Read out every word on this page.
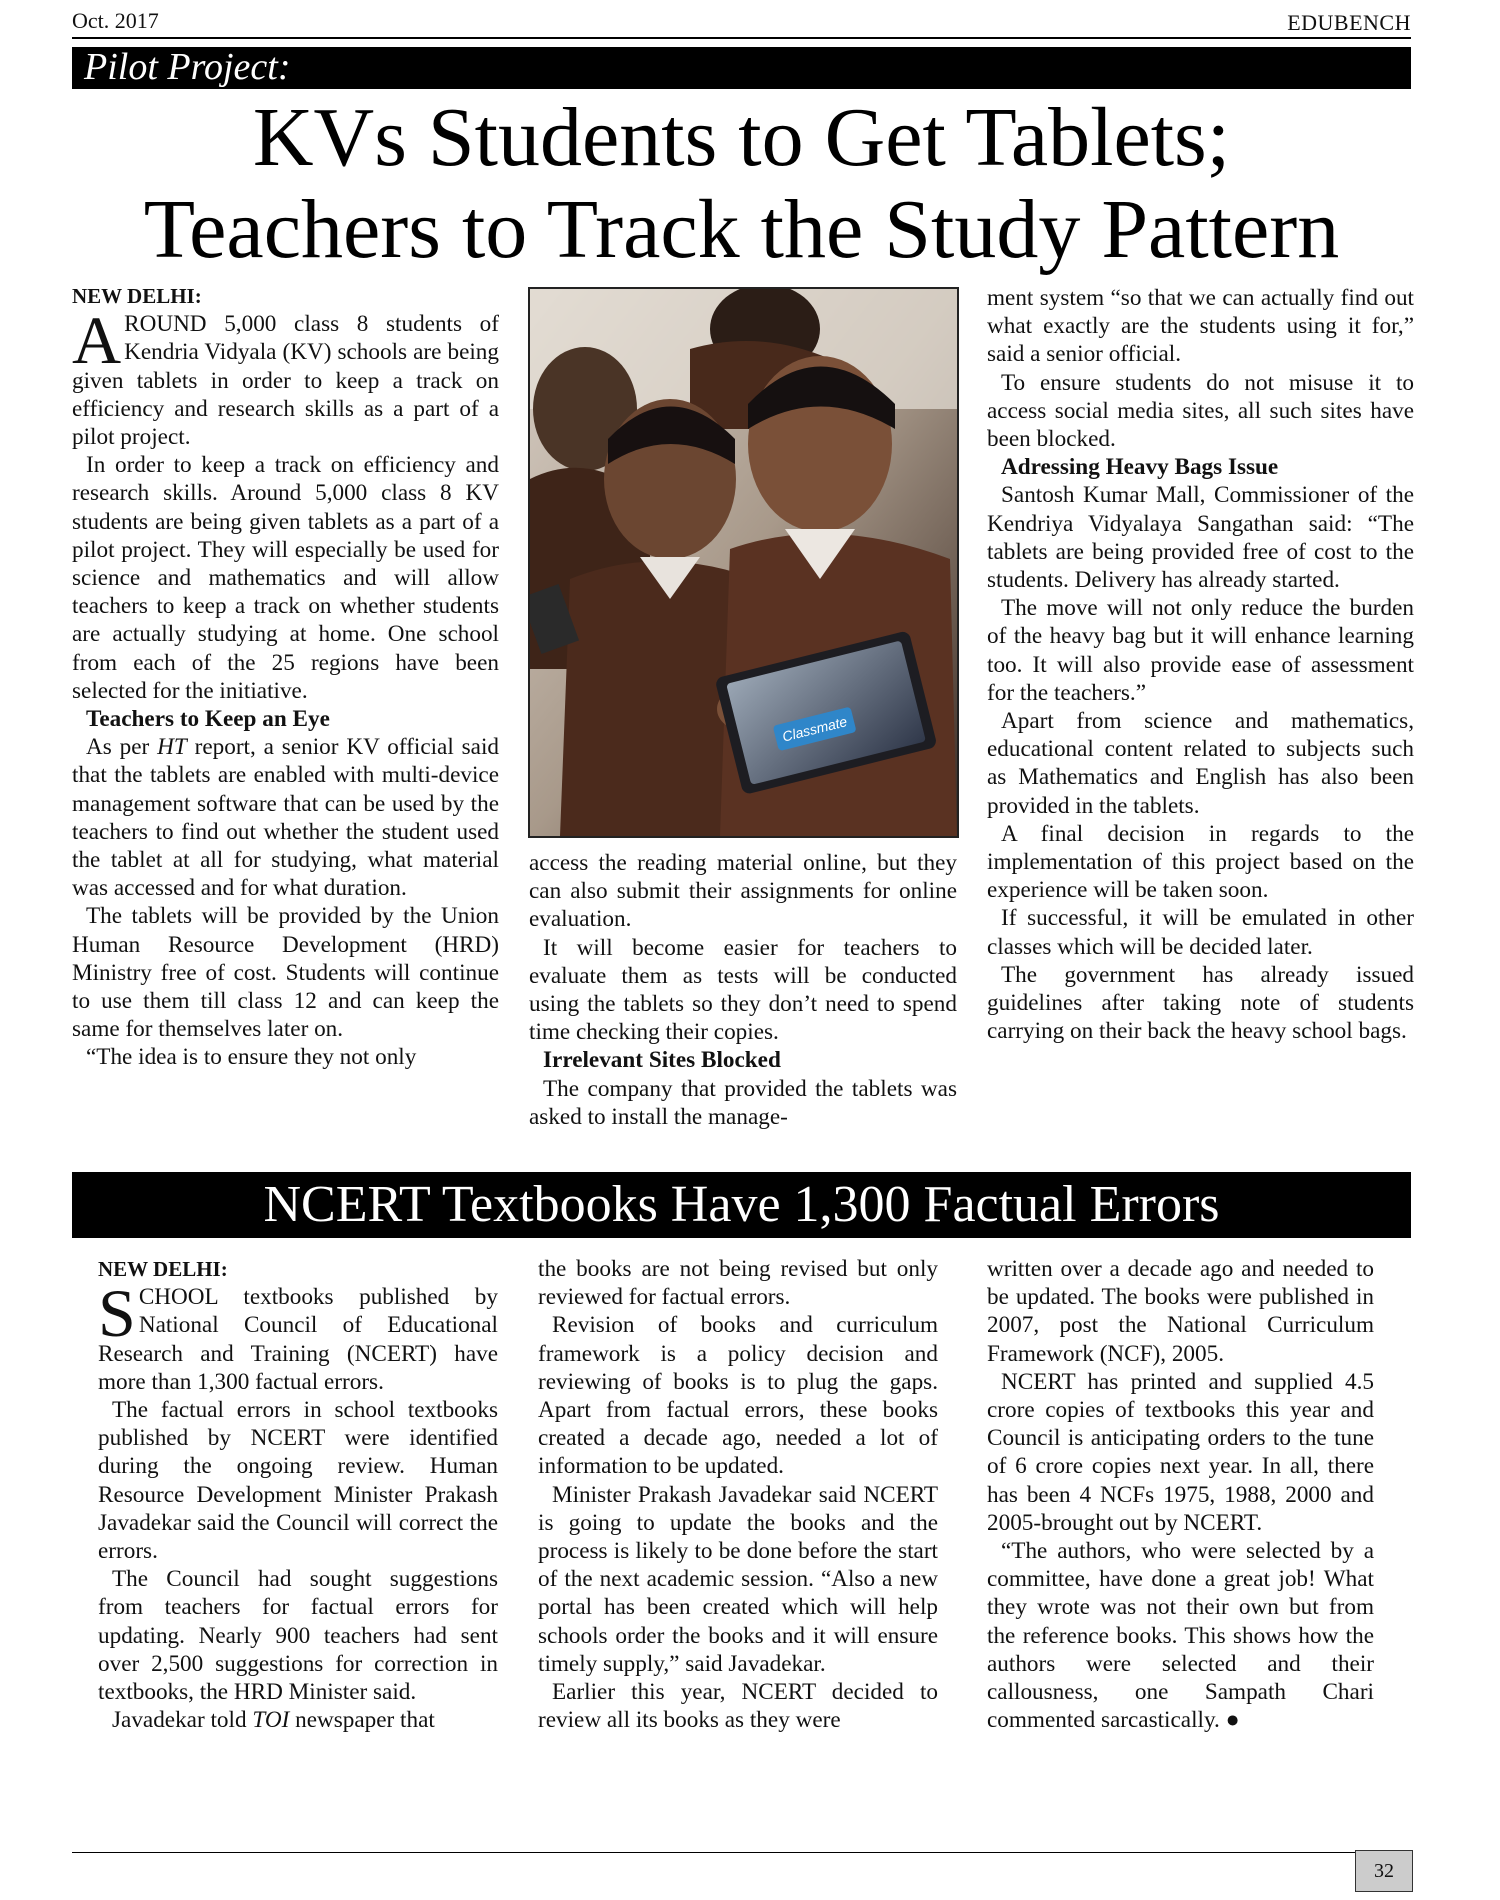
Oct. 2017	EDUBENCH
Pilot Project:
KVs Students to Get Tablets;
Teachers to Track the Study Pattern

NEW DELHI:

AROUND 5,000 class 8 students of Kendria Vidyala (KV) schools are being given tablets in order to keep a track on efficiency and research skills as a part of a pilot project.

In order to keep a track on efficiency and research skills. Around 5,000 class 8 KV students are being given tablets as a part of a pilot project. They will especially be used for science and mathematics and will allow teachers to keep a track on whether students are actually studying at home. One school from each of the 25 regions have been selected for the initiative.

Teachers to Keep an Eye

As per HT report, a senior KV official said that the tablets are enabled with multi-device management software that can be used by the teachers to find out whether the student used the tablet at all for studying, what material was accessed and for what duration.

The tablets will be provided by the Union Human Resource Development (HRD) Ministry free of cost. Students will continue to use them till class 12 and can keep the same for themselves later on.

“The idea is to ensure they not only

Classmate

access the reading material online, but they can also submit their assignments for online evaluation.

It will become easier for teachers to evaluate them as tests will be conducted using the tablets so they don’t need to spend time checking their copies.

Irrelevant Sites Blocked

The company that provided the tablets was asked to install the manage-

ment system “so that we can actually find out what exactly are the students using it for,” said a senior official.

To ensure students do not misuse it to access social media sites, all such sites have been blocked.

Adressing Heavy Bags Issue

Santosh Kumar Mall, Commissioner of the Kendriya Vidyalaya Sangathan said: “The tablets are being provided free of cost to the students. Delivery has already started.

The move will not only reduce the burden of the heavy bag but it will enhance learning too. It will also provide ease of assessment for the teachers.”

Apart from science and mathematics, educational content related to subjects such as Mathematics and English has also been provided in the tablets.

A final decision in regards to the implementation of this project based on the experience will be taken soon.

If successful, it will be emulated in other classes which will be decided later.

The government has already issued guidelines after taking note of students carrying on their back the heavy school bags.

NCERT Textbooks Have 1,300 Factual Errors

NEW DELHI:

SCHOOL textbooks published by National Council of Educational Research and Training (NCERT) have more than 1,300 factual errors.

The factual errors in school textbooks published by NCERT were identified during the ongoing review. Human Resource Development Minister Prakash Javadekar said the Council will correct the errors.

The Council had sought suggestions from teachers for factual errors for updating. Nearly 900 teachers had sent over 2,500 suggestions for correction in textbooks, the HRD Minister said.

Javadekar told TOI newspaper that

the books are not being revised but only reviewed for factual errors.

Revision of books and curriculum framework is a policy decision and reviewing of books is to plug the gaps. Apart from factual errors, these books created a decade ago, needed a lot of information to be updated.

Minister Prakash Javadekar said NCERT is going to update the books and the process is likely to be done before the start of the next academic session. “Also a new portal has been created which will help schools order the books and it will ensure timely supply,” said Javadekar.

Earlier this year, NCERT decided to review all its books as they were

written over a decade ago and needed to be updated. The books were published in 2007, post the National Curriculum Framework (NCF), 2005.

NCERT has printed and supplied 4.5 crore copies of textbooks this year and Council is anticipating orders to the tune of 6 crore copies next year. In all, there has been 4 NCFs 1975, 1988, 2000 and 2005-brought out by NCERT.

“The authors, who were selected by a committee, have done a great job! What they wrote was not their own but from the reference books. This shows how the authors were selected and their callousness, one Sampath Chari commented sarcastically. ●

32
